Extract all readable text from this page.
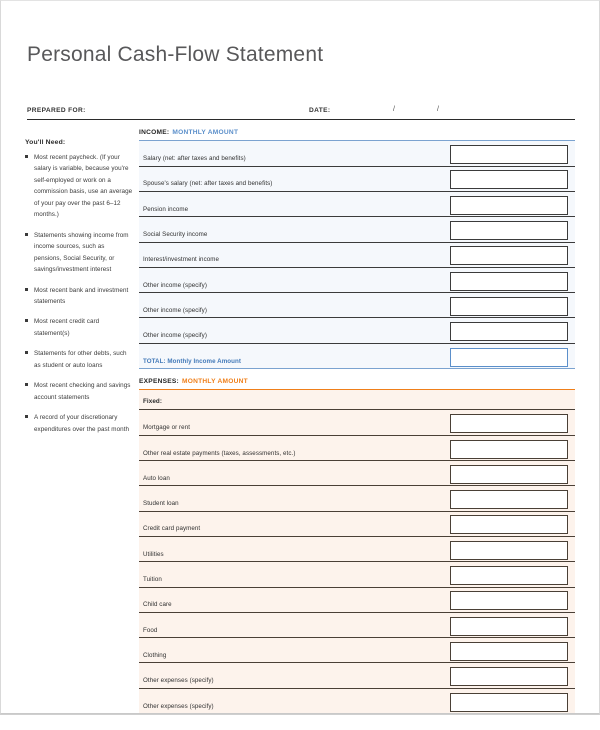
Personal Cash-Flow Statement
PREPARED FOR:	DATE:	/	/
You'll Need:
Most recent paycheck. (If your salary is variable, because you're self-employed or work on a commission basis, use an average of your pay over the past 6–12 months.)
Statements showing income from income sources, such as pensions, Social Security, or savings/investment interest
Most recent bank and investment statements
Most recent credit card statement(s)
Statements for other debts, such as student or auto loans
Most recent checking and savings account statements
A record of your discretionary expenditures over the past month
INCOME: MONTHLY AMOUNT
Salary (net: after taxes and benefits)
Spouse's salary (net: after taxes and benefits)
Pension income
Social Security income
Interest/investment income
Other income (specify)
Other income (specify)
Other income (specify)
TOTAL: Monthly Income Amount
EXPENSES: MONTHLY AMOUNT
Fixed:
Mortgage or rent
Other real estate payments (taxes, assessments, etc.)
Auto loan
Student loan
Credit card payment
Utilities
Tuition
Child care
Food
Clothing
Other expenses (specify)
Other expenses (specify)
